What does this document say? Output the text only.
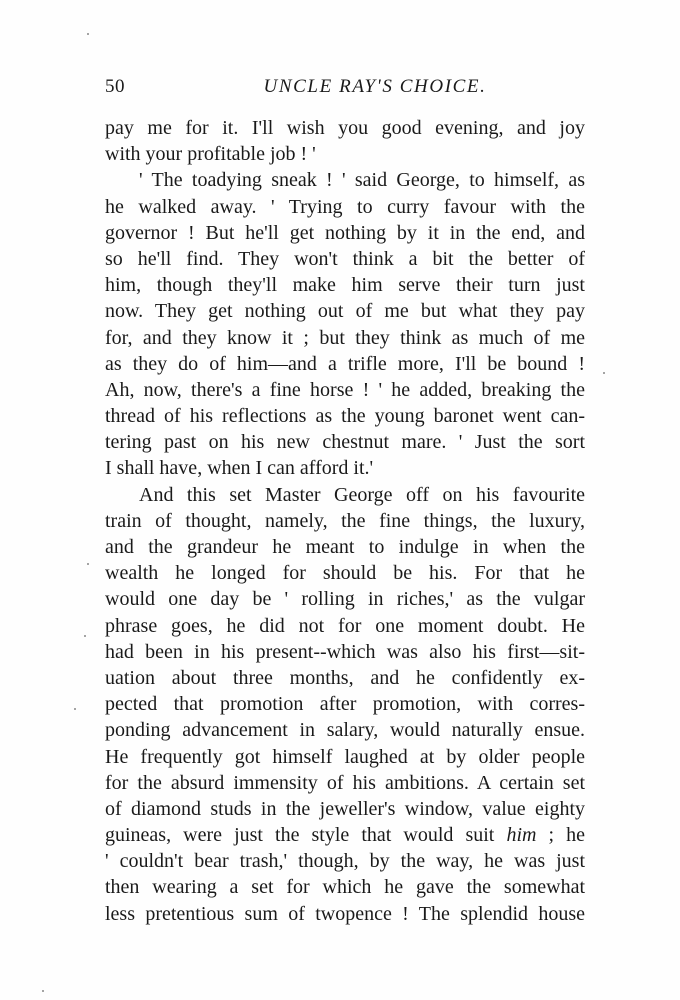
50	UNCLE RAY'S CHOICE.
pay me for it. I'll wish you good evening, and joy
with your profitable job ! '
' The toadying sneak ! ' said George, to himself, as
he walked away. ' Trying to curry favour with the
governor ! But he'll get nothing by it in the end, and
so he'll find. They won't think a bit the better of
him, though they'll make him serve their turn just
now. They get nothing out of me but what they pay
for, and they know it ; but they think as much of me
as they do of him—and a trifle more, I'll be bound !
Ah, now, there's a fine horse ! ' he added, breaking the
thread of his reflections as the young baronet went can-
tering past on his new chestnut mare. ' Just the sort
I shall have, when I can afford it.'
And this set Master George off on his favourite
train of thought, namely, the fine things, the luxury,
and the grandeur he meant to indulge in when the
wealth he longed for should be his. For that he
would one day be ' rolling in riches,' as the vulgar
phrase goes, he did not for one moment doubt. He
had been in his present--which was also his first—sit-
uation about three months, and he confidently ex-
pected that promotion after promotion, with corres-
ponding advancement in salary, would naturally ensue.
He frequently got himself laughed at by older people
for the absurd immensity of his ambitions. A certain set
of diamond studs in the jeweller's window, value eighty
guineas, were just the style that would suit him ; he
' couldn't bear trash,' though, by the way, he was just
then wearing a set for which he gave the somewhat
less pretentious sum of twopence ! The splendid house
